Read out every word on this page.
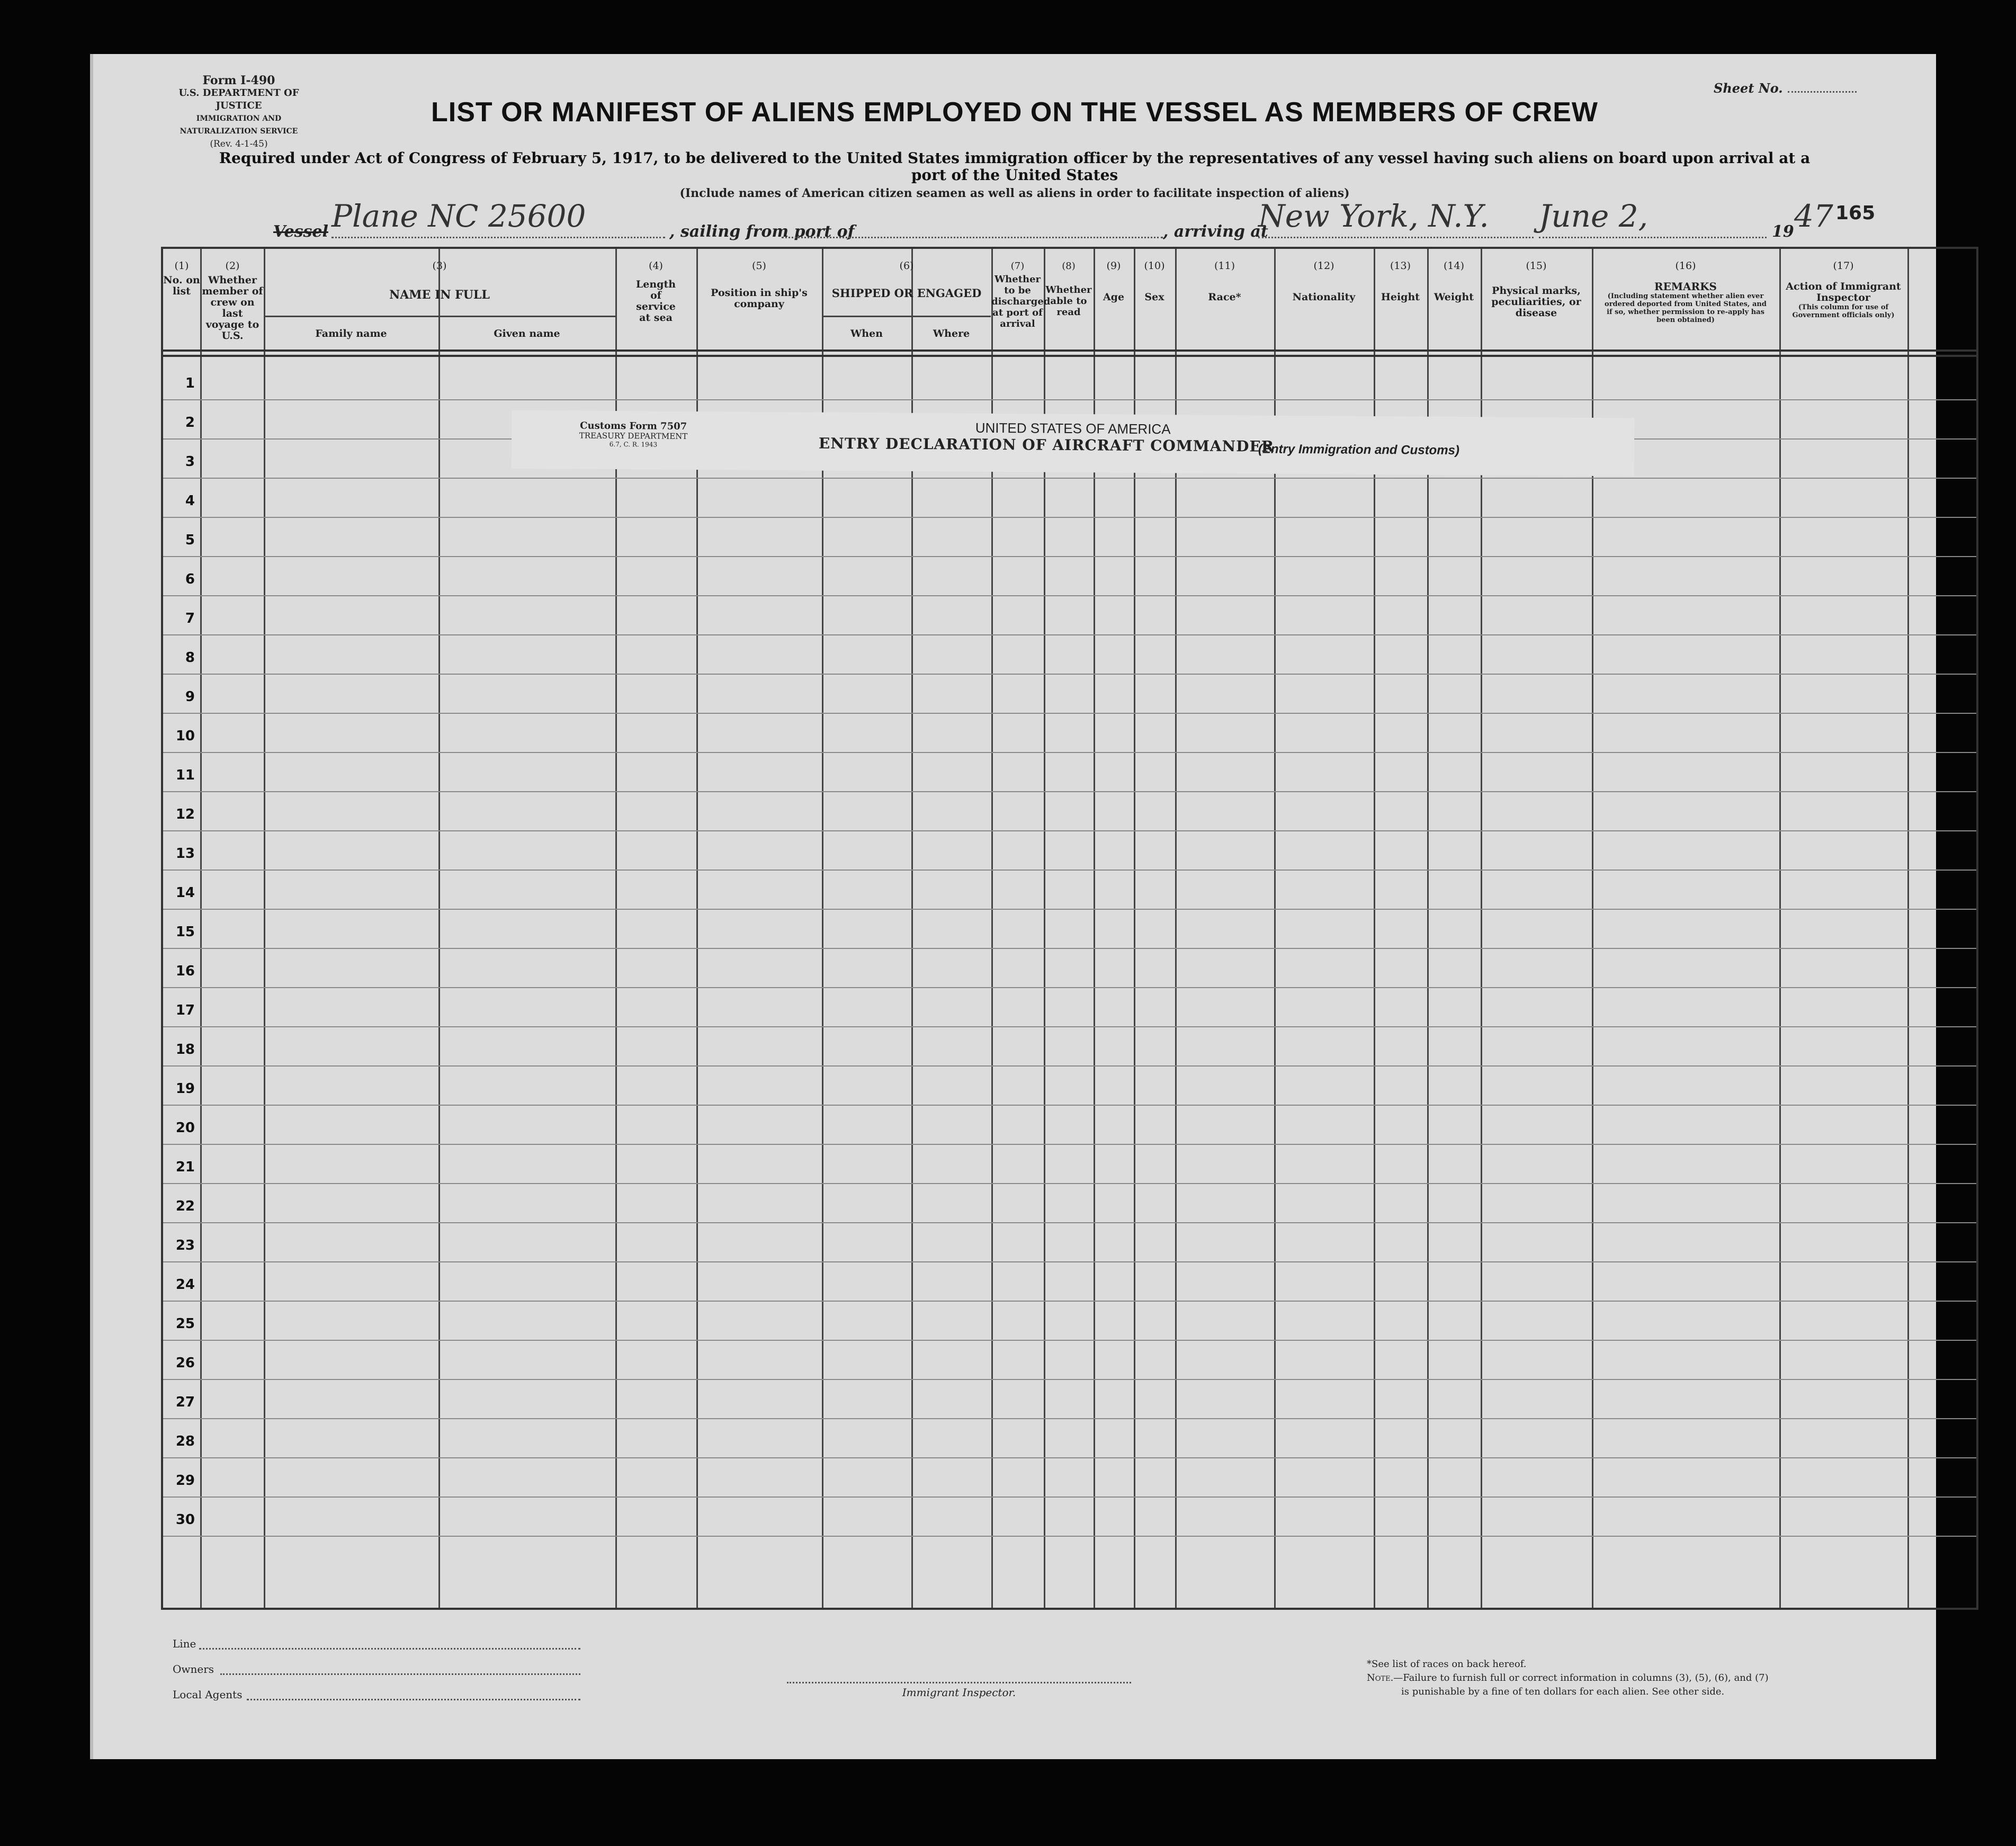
Form I-490
U.S. DEPARTMENT OF JUSTICE
IMMIGRATION AND NATURALIZATION SERVICE
(Rev. 4-1-45)
Sheet No.
LIST OR MANIFEST OF ALIENS EMPLOYED ON THE VESSEL AS MEMBERS OF CREW
Required under Act of Congress of February 5, 1917, to be delivered to the United States immigration officer by the representatives of any vessel having such aliens on board upon arrival at a
port of the United States
(Include names of American citizen seamen as well as aliens in order to facilitate inspection of aliens)
Vessel Plane NC 25600	, sailing from port of	, arriving at
New York, N.Y. June 2,	19 47 165
(1)
No. on list
(2)
Whether member of crew on last voyage to U.S.
(3)
NAME IN FULL
Family name	Given name
(4)
Length of service at sea
(5)
Position in ship's company
(6)
SHIPPED OR ENGAGED
When	Where
(7)
Whether to be discharged at port of arrival
(8)
Whether able to read
(9)
Age
(10)
Sex
(11)
Race*
(12)
Nationality
(13)
Height
(14)
Weight
(15)
Physical marks, peculiarities, or disease
(16)
REMARKS
(Including statement whether alien ever ordered deported from United States, and if so, whether permission to re-apply has been obtained)
(17)
Action of Immigrant Inspector
(This column for use of Government officials only)
1
2
3
4
5
6
7
8
9
10
11
12
13
14
15
16
17
18
19
20
21
22
23
24
25
26
27
28
29
30
Customs Form 7507
TREASURY DEPARTMENT
6.7, C. R. 1943
UNITED STATES OF AMERICA
ENTRY DECLARATION OF AIRCRAFT COMMANDER
(Entry Immigration and Customs)
Line
Owners
Local Agents	Immigrant Inspector.
*See list of races on back hereof.
Note.—Failure to furnish full or correct information in columns (3), (5), (6), and (7)
is punishable by a fine of ten dollars for each alien. See other side.
